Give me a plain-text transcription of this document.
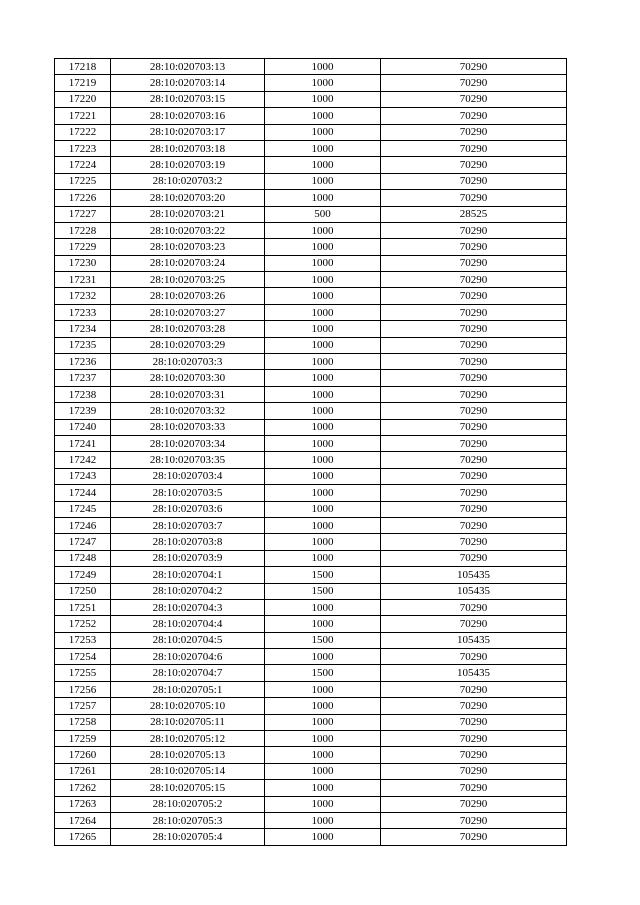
17218	28:10:020703:13	1000	70290
17219	28:10:020703:14	1000	70290
17220	28:10:020703:15	1000	70290
17221	28:10:020703:16	1000	70290
17222	28:10:020703:17	1000	70290
17223	28:10:020703:18	1000	70290
17224	28:10:020703:19	1000	70290
17225	28:10:020703:2	1000	70290
17226	28:10:020703:20	1000	70290
17227	28:10:020703:21	500	28525
17228	28:10:020703:22	1000	70290
17229	28:10:020703:23	1000	70290
17230	28:10:020703:24	1000	70290
17231	28:10:020703:25	1000	70290
17232	28:10:020703:26	1000	70290
17233	28:10:020703:27	1000	70290
17234	28:10:020703:28	1000	70290
17235	28:10:020703:29	1000	70290
17236	28:10:020703:3	1000	70290
17237	28:10:020703:30	1000	70290
17238	28:10:020703:31	1000	70290
17239	28:10:020703:32	1000	70290
17240	28:10:020703:33	1000	70290
17241	28:10:020703:34	1000	70290
17242	28:10:020703:35	1000	70290
17243	28:10:020703:4	1000	70290
17244	28:10:020703:5	1000	70290
17245	28:10:020703:6	1000	70290
17246	28:10:020703:7	1000	70290
17247	28:10:020703:8	1000	70290
17248	28:10:020703:9	1000	70290
17249	28:10:020704:1	1500	105435
17250	28:10:020704:2	1500	105435
17251	28:10:020704:3	1000	70290
17252	28:10:020704:4	1000	70290
17253	28:10:020704:5	1500	105435
17254	28:10:020704:6	1000	70290
17255	28:10:020704:7	1500	105435
17256	28:10:020705:1	1000	70290
17257	28:10:020705:10	1000	70290
17258	28:10:020705:11	1000	70290
17259	28:10:020705:12	1000	70290
17260	28:10:020705:13	1000	70290
17261	28:10:020705:14	1000	70290
17262	28:10:020705:15	1000	70290
17263	28:10:020705:2	1000	70290
17264	28:10:020705:3	1000	70290
17265	28:10:020705:4	1000	70290
